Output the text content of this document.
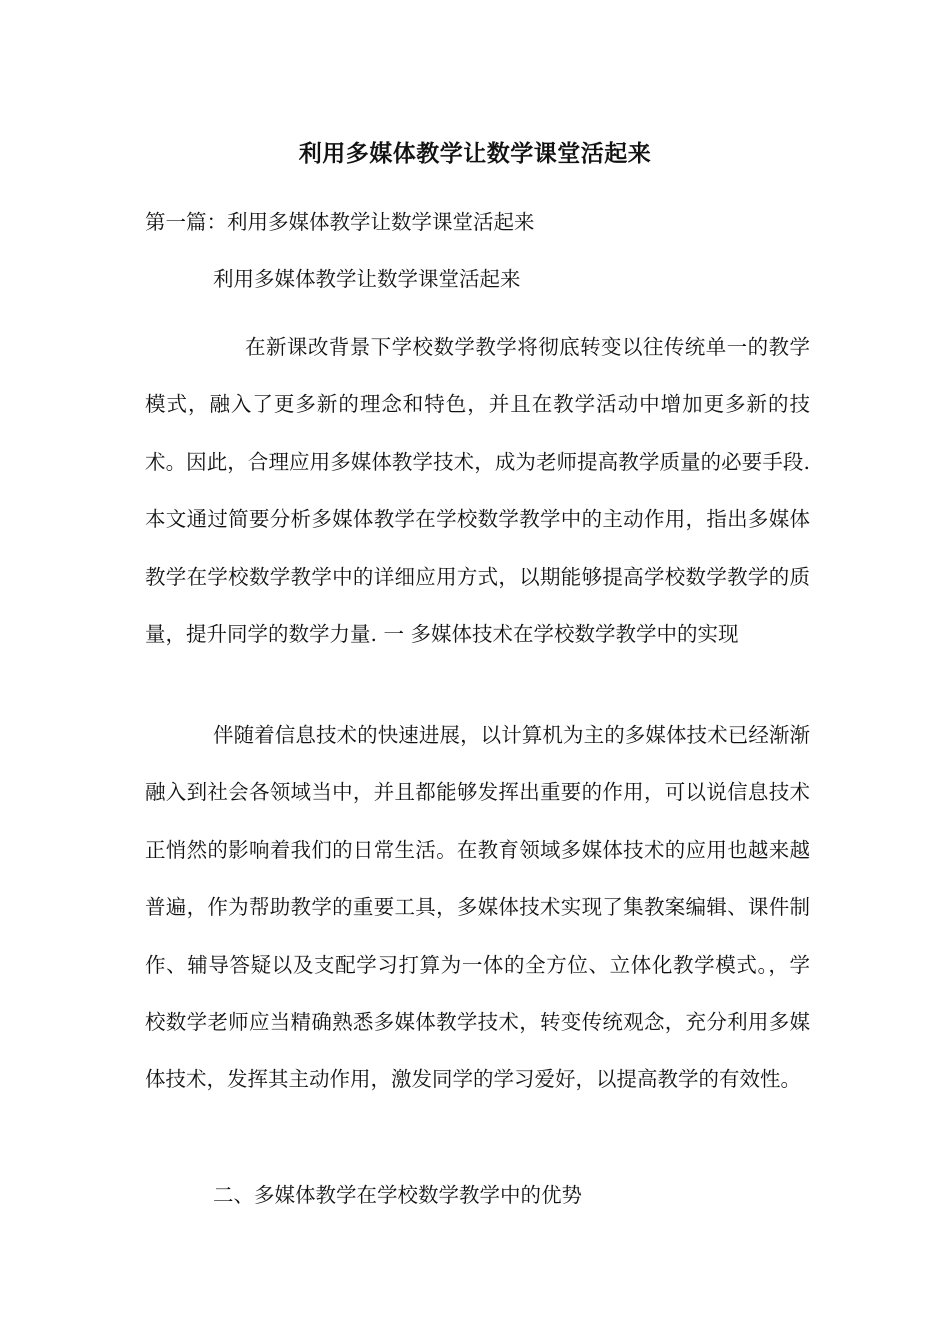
利用多媒体教学让数学课堂活起来
第一篇：利用多媒体教学让数学课堂活起来
利用多媒体教学让数学课堂活起来
在新课改背景下学校数学教学将彻底转变以往传统单一的教学模式，融入了更多新的理念和特色，并且在教学活动中增加更多新的技术。因此，合理应用多媒体教学技术，成为老师提高教学质量的必要手段.本文通过简要分析多媒体教学在学校数学教学中的主动作用，指出多媒体教学在学校数学教学中的详细应用方式，以期能够提高学校数学教学的质量，提升同学的数学力量. 一 多媒体技术在学校数学教学中的实现
伴随着信息技术的快速进展，以计算机为主的多媒体技术已经渐渐融入到社会各领域当中，并且都能够发挥出重要的作用，可以说信息技术正悄然的影响着我们的日常生活。在教育领域多媒体技术的应用也越来越普遍，作为帮助教学的重要工具，多媒体技术实现了集教案编辑、课件制作、辅导答疑以及支配学习打算为一体的全方位、立体化教学模式。，学校数学老师应当精确熟悉多媒体教学技术，转变传统观念，充分利用多媒体技术，发挥其主动作用，激发同学的学习爱好，以提高教学的有效性。
二、多媒体教学在学校数学教学中的优势
